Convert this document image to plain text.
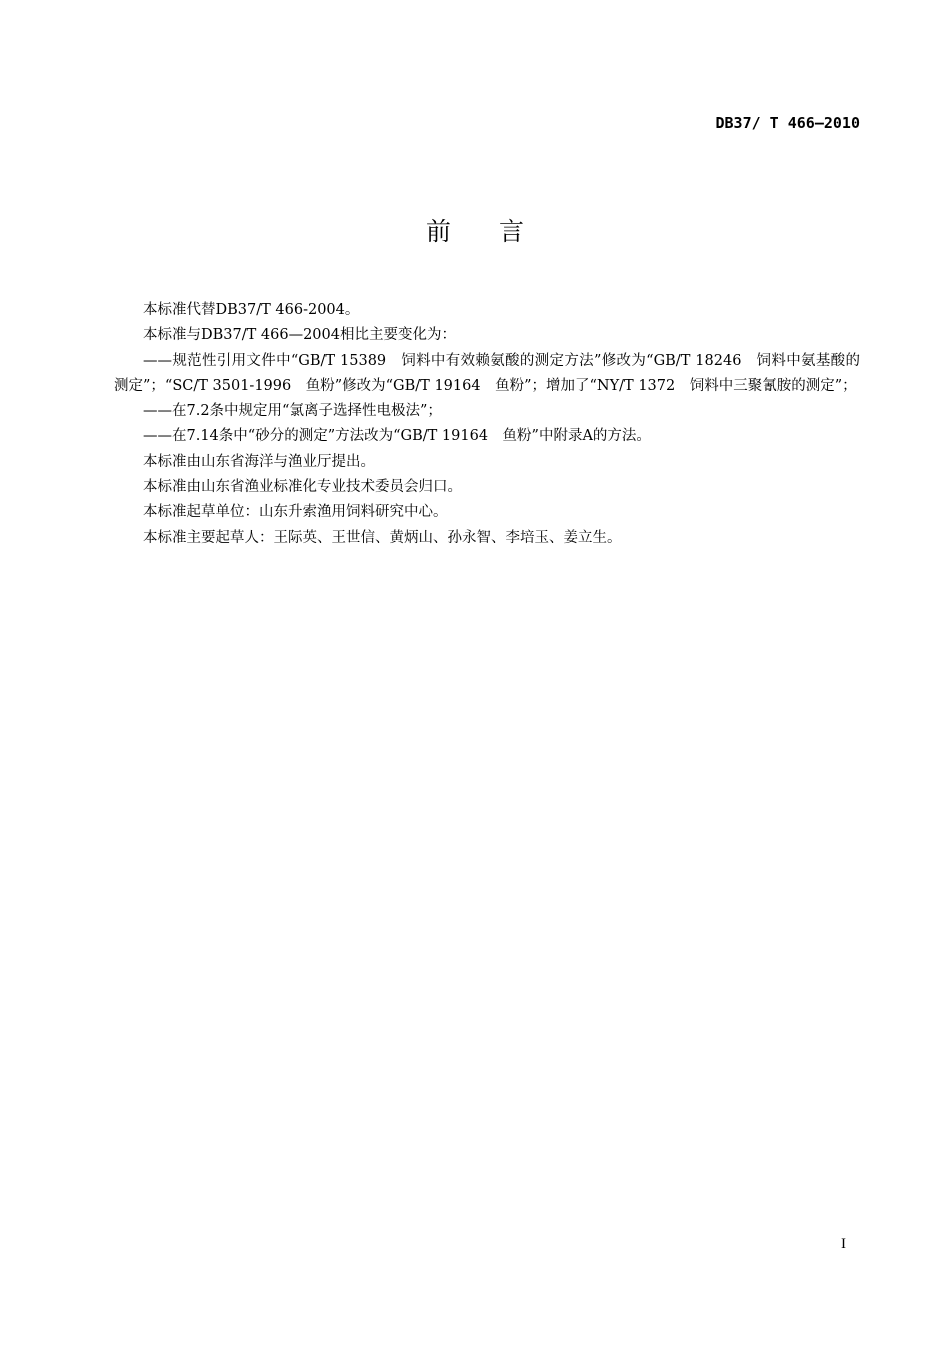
DB37/ T 466—2010
前 言

本标准代替DB37/T 466-2004。

本标准与DB37/T 466—2004相比主要变化为：

——规范性引用文件中“GB/T 15389　饲料中有效赖氨酸的测定方法”修改为“GB/T 18246　饲料中氨基酸的测定”；“SC/T 3501-1996　鱼粉”修改为“GB/T 19164　鱼粉”；增加了“NY/T 1372　饲料中三聚氰胺的测定”；

——在7.2条中规定用“氯离子选择性电极法”；

——在7.14条中“砂分的测定”方法改为“GB/T 19164　鱼粉”中附录A的方法。

本标准由山东省海洋与渔业厅提出。

本标准由山东省渔业标准化专业技术委员会归口。

本标准起草单位：山东升索渔用饲料研究中心。

本标准主要起草人：王际英、王世信、黄炳山、孙永智、李培玉、姜立生。

I
